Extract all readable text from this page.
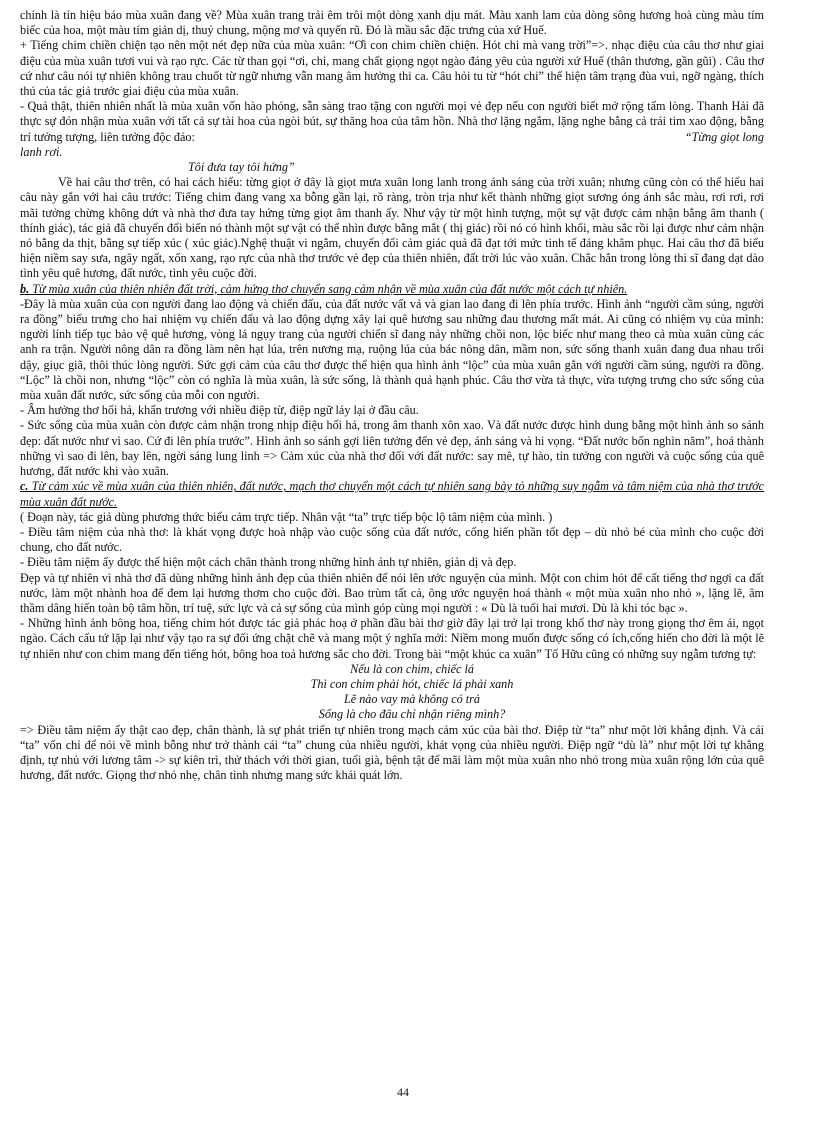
chính là tín hiệu báo mùa xuân đang về? Mùa xuân trang trải êm trôi một dòng xanh dịu mát. Màu xanh lam của dòng sông hương hoà cùng màu tím biếc của hoa, một màu tím giản dị, thuỷ chung, mộng mơ và quyến rũ. Đó là mầu sắc đặc trưng của xứ Huế.

+ Tiếng chim chiền chiện tạo nên một nét đẹp nữa của mùa xuân: “Ơi con chim chiền chiện. Hót chi mà vang trời”=>. nhạc điệu của câu thơ như giai điệu của mùa xuân tươi vui và rạo rực. Các từ than gọi “ơi, chi, mang chất giọng ngọt ngào đáng yêu của người xứ Huế (thân thương, gần gũi) . Câu thơ cứ như câu nói tự nhiên không trau chuốt từ ngữ nhưng vẫn mang âm hưởng thi ca. Câu hỏi tu từ “hót chi” thể hiện tâm trạng đùa vui, ngỡ ngàng, thích thú của tác giả trước giai điệu của mùa xuân.

- Quả thật, thiên nhiên nhất là mùa xuân vốn hào phóng, sẵn sàng trao tặng con người mọi vẻ đẹp nếu con người biết mở rộng tấm lòng. Thanh Hải đã thực sự đón nhận mùa xuân với tất cả sự tài hoa của ngòi bút, sự thăng hoa của tâm hồn. Nhà thơ lặng ngắm, lặng nghe bằng cả trái tim xao động, bằng trí tưởng tượng, liên tưởng độc đáo:	“Từng giọt long

lanh rơi.

Tôi đưa tay tôi hứng”

Về hai câu thơ trên, có hai cách hiểu: từng giọt ở đây là giọt mưa xuân long lanh trong ánh sáng của trời xuân; nhưng cũng còn có thể hiểu hai câu này gắn với hai câu trước: Tiếng chim đang vang xa bỗng gần lại, rõ ràng, tròn trịa như kết thành những giọt sương óng ánh sắc màu, rơi rơi, rơi mãi tưởng chừng không dứt và nhà thơ đưa tay hứng từng giọt âm thanh ấy. Như vậy từ một hình tượng, một sự vật được cảm nhận bằng âm thanh ( thính giác), tác giả đã chuyển đổi biến nó thành một sự vật có thể nhìn được bằng mắt ( thị giác) rồi nó có hình khối, màu sắc rồi lại được như cảm nhận nó bằng da thịt, bằng sự tiếp xúc ( xúc giác).Nghệ thuật vi ngắm, chuyển đổi cảm giác quả đã đạt tới mức tinh tế đáng khâm phục. Hai câu thơ đã biểu hiện niềm say sưa, ngây ngất, xốn xang, rạo rực của nhà thơ trước vẻ đẹp của thiên nhiên, đất trời lúc vào xuân. Chắc hẳn trong lòng thi sĩ đang dạt dào tình yêu quê hương, đất nước, tình yêu cuộc đời.

b. Từ mùa xuân của thiên nhiên đất trời, cảm hứng thơ chuyển sang cảm nhận về mùa xuân của đất nước một cách tự nhiên.

-Đây là mùa xuân của con người đang lao động và chiến đấu, của đất nước vất vả và gian lao đang đi lên phía trước. Hình ảnh “người cầm súng, người ra đồng” biểu trưng cho hai nhiệm vụ chiến đấu và lao động dựng xây lại quê hương sau những đau thương mất mát. Ai cũng có nhiệm vụ của mình: người lính tiếp tục bảo vệ quê hương, vòng lá ngụy trang của người chiến sĩ đang nảy những chồi non, lộc biếc như mang theo cả mùa xuân cùng các anh ra trận. Người nông dân ra đồng làm nên hạt lúa, trên nương mạ, ruộng lúa của bác nông dân, mầm non, sức sống thanh xuân đang đua nhau trổi dậy, giục giã, thôi thúc lòng người. Sức gợi cảm của câu thơ được thể hiện qua hình ảnh “lộc” của mùa xuân gắn với người cầm súng, người ra đồng. “Lộc” là chồi non, nhưng “lộc” còn có nghĩa là mùa xuân, là sức sống, là thành quả hạnh phúc. Câu thơ vừa tả thực, vừa tượng trưng cho sức sống của mùa xuân đất nước, sức sống của mỗi con người.

- Âm hưởng thơ hối hả, khẩn trương với nhiều điệp từ, điệp ngữ láy lại ở đầu câu.

- Sức sống của mùa xuân còn được cảm nhận trong nhịp điệu hối hả, trong âm thanh xôn xao. Và đất nước được hình dung bằng một hình ảnh so sánh đẹp: đất nước như vì sao. Cứ đi lên phía trước”. Hình ảnh so sánh gợi liên tưởng đến vẻ đẹp, ánh sáng và hi vọng. “Đất nước bốn nghìn năm”, hoá thành những vì sao đi lên, bay lên, ngời sáng lung linh => Cảm xúc của nhà thơ đối với đất nước: say mê, tự hào, tin tưởng con người và cuộc sống của quê hương, đất nước khi vào xuân.

c. Từ cảm xúc về mùa xuân của thiên nhiên, đất nước, mạch thơ chuyển một cách tự nhiên sang bày tỏ những suy ngẫm và tâm niệm của nhà thơ trước mùa xuân đất nước.

( Đoạn này, tác giả dùng phương thức biểu cảm trực tiếp. Nhân vật “ta” trực tiếp bộc lộ tâm niệm của mình. )

- Điều tâm niệm của nhà thơ: là khát vọng được hoà nhập vào cuộc sống của đất nước, cống hiến phần tốt đẹp – dù nhỏ bé của mình cho cuộc đời chung, cho đất nước.

- Điều tâm niệm ấy được thể hiện một cách chân thành trong những hình ảnh tự nhiên, giản dị và đẹp.

Đẹp và tự nhiên vì nhà thơ đã dùng những hình ảnh đẹp của thiên nhiên để nói lên ước nguyện của mình. Một con chim hót để cất tiếng thơ ngợi ca đất nước, làm một nhành hoa để đem lại hương thơm cho cuộc đời. Bao trùm tất cả, ông ước nguyện hoá thành « một mùa xuân nho nhỏ », lặng lẽ, âm thầm dâng hiến toàn bộ tâm hồn, trí tuệ, sức lực và cả sự sống của mình góp cùng mọi người : « Dù là tuổi hai mươi. Dù là khi tóc bạc ».

- Những hình ảnh bông hoa, tiếng chim hót được tác giả phác hoạ ở phần đầu bài thơ giờ đây lại trở lại trong khổ thơ này trong giọng thơ êm ái, ngọt ngào. Cách cấu tứ lặp lại như vậy tạo ra sự đối ứng chặt chẽ và mang một ý nghĩa mới: Niềm mong muốn được sống có ích,cống hiến cho đời là một lẽ tự nhiên như con chim mang đến tiếng hót, bông hoa toả hương sắc cho đời. Trong bài “một khúc ca xuân” Tố Hữu cũng có những suy ngẫm tương tự:

Nếu là con chim, chiếc lá

Thì con chim phải hót, chiếc lá phải xanh

Lẽ nào vay mà không có trả

Sống là cho đâu chỉ nhận riêng mình?

=> Điều tâm niệm ấy thật cao đẹp, chân thành, là sự phát triển tự nhiên trong mạch cảm xúc của bài thơ. Điệp từ “ta” như một lời khẳng định. Và cái “ta” vốn chỉ để nói về mình bỗng như trở thành cái “ta” chung của nhiều người, khát vọng của nhiều người. Điệp ngữ “dù là” như một lời tự khẳng định, tự nhủ với lương tâm -> sự kiên trì, thử thách với thời gian, tuổi già, bệnh tật để mãi làm một mùa xuân nho nhỏ trong mùa xuân rộng lớn của quê hương, đất nước. Giọng thơ nhỏ nhẹ, chân tình nhưng mang sức khái quát lớn.

44
